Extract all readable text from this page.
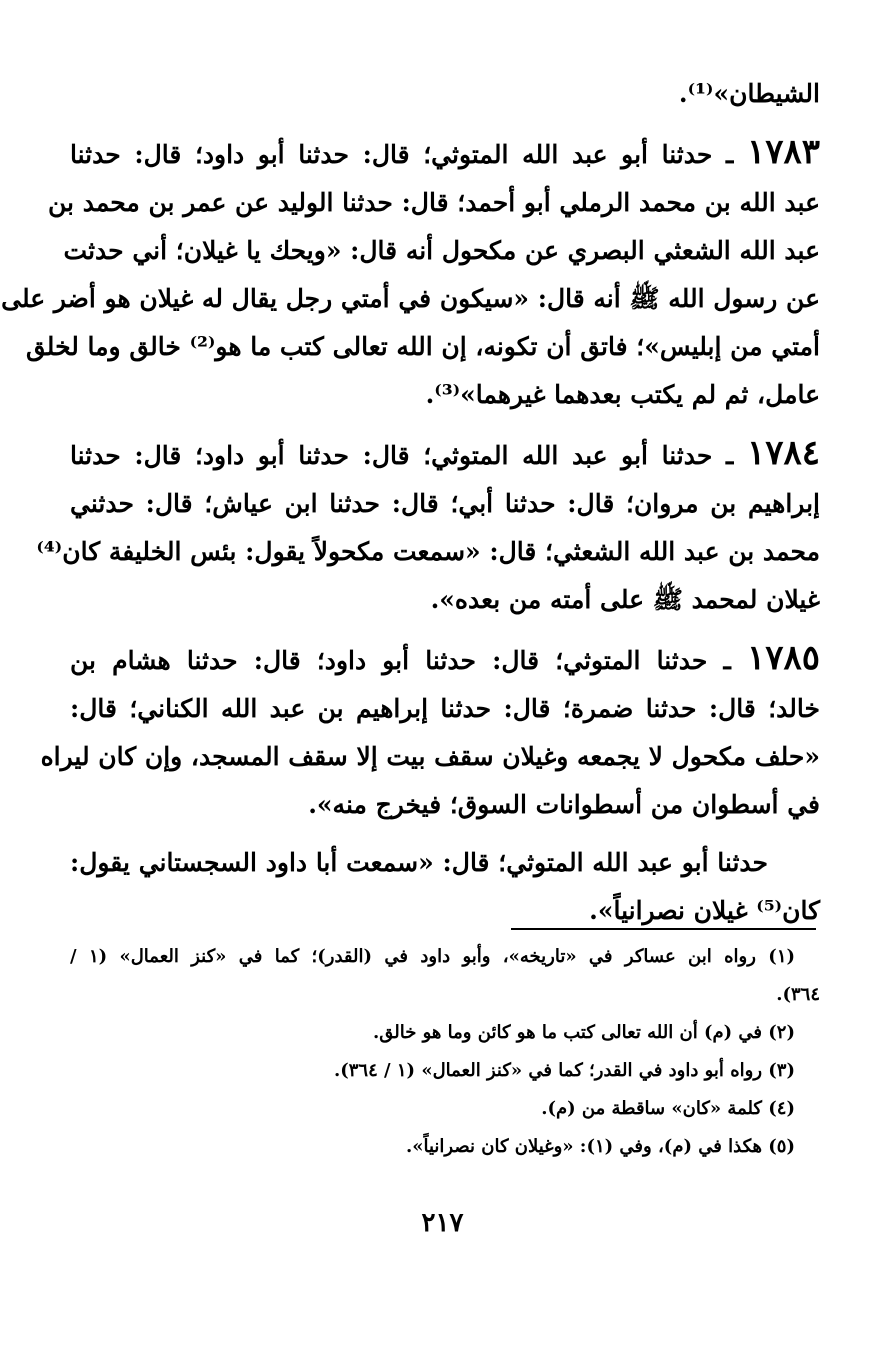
الشيطان»⁽¹⁾.
١٧٨٣ ـ حدثنا أبو عبد الله المتوثي؛ قال: حدثنا أبو داود؛ قال: حدثنا
عبد الله بن محمد الرملي أبو أحمد؛ قال: حدثنا الوليد عن عمر بن محمد بن
عبد الله الشعثي البصري عن مكحول أنه قال: «ويحك يا غيلان؛ أني حدثت
عن رسول الله ﷺ أنه قال: «سيكون في أمتي رجل يقال له غيلان هو أضر على
أمتي من إبليس»؛ فاتق أن تكونه، إن الله تعالى كتب ما هو⁽²⁾ خالق وما لخلق
عامل، ثم لم يكتب بعدهما غيرهما»⁽³⁾.
١٧٨٤ ـ حدثنا أبو عبد الله المتوثي؛ قال: حدثنا أبو داود؛ قال: حدثنا
إبراهيم بن مروان؛ قال: حدثنا أبي؛ قال: حدثنا ابن عياش؛ قال: حدثني
محمد بن عبد الله الشعثي؛ قال: «سمعت مكحولاً يقول: بئس الخليفة كان⁽⁴⁾
غيلان لمحمد ﷺ على أمته من بعده».
١٧٨٥ ـ حدثنا المتوثي؛ قال: حدثنا أبو داود؛ قال: حدثنا هشام بن
خالد؛ قال: حدثنا ضمرة؛ قال: حدثنا إبراهيم بن عبد الله الكناني؛ قال:
«حلف مكحول لا يجمعه وغيلان سقف بيت إلا سقف المسجد، وإن كان ليراه
في أسطوان من أسطوانات السوق؛ فيخرج منه».
حدثنا أبو عبد الله المتوثي؛ قال: «سمعت أبا داود السجستاني يقول:
كان⁽⁵⁾ غيلان نصرانياً».
(١) رواه ابن عساكر في «تاريخه»، وأبو داود في (القدر)؛ كما في «كنز العمال» (١ /
٣٦٤).
(٢) في (م) أن الله تعالى كتب ما هو كائن وما هو خالق.
(٣) رواه أبو داود في القدر؛ كما في «كنز العمال» (١ / ٣٦٤).
(٤) كلمة «كان» ساقطة من (م).
(٥) هكذا في (م)، وفي (١): «وغيلان كان نصرانياً».
٢١٧
